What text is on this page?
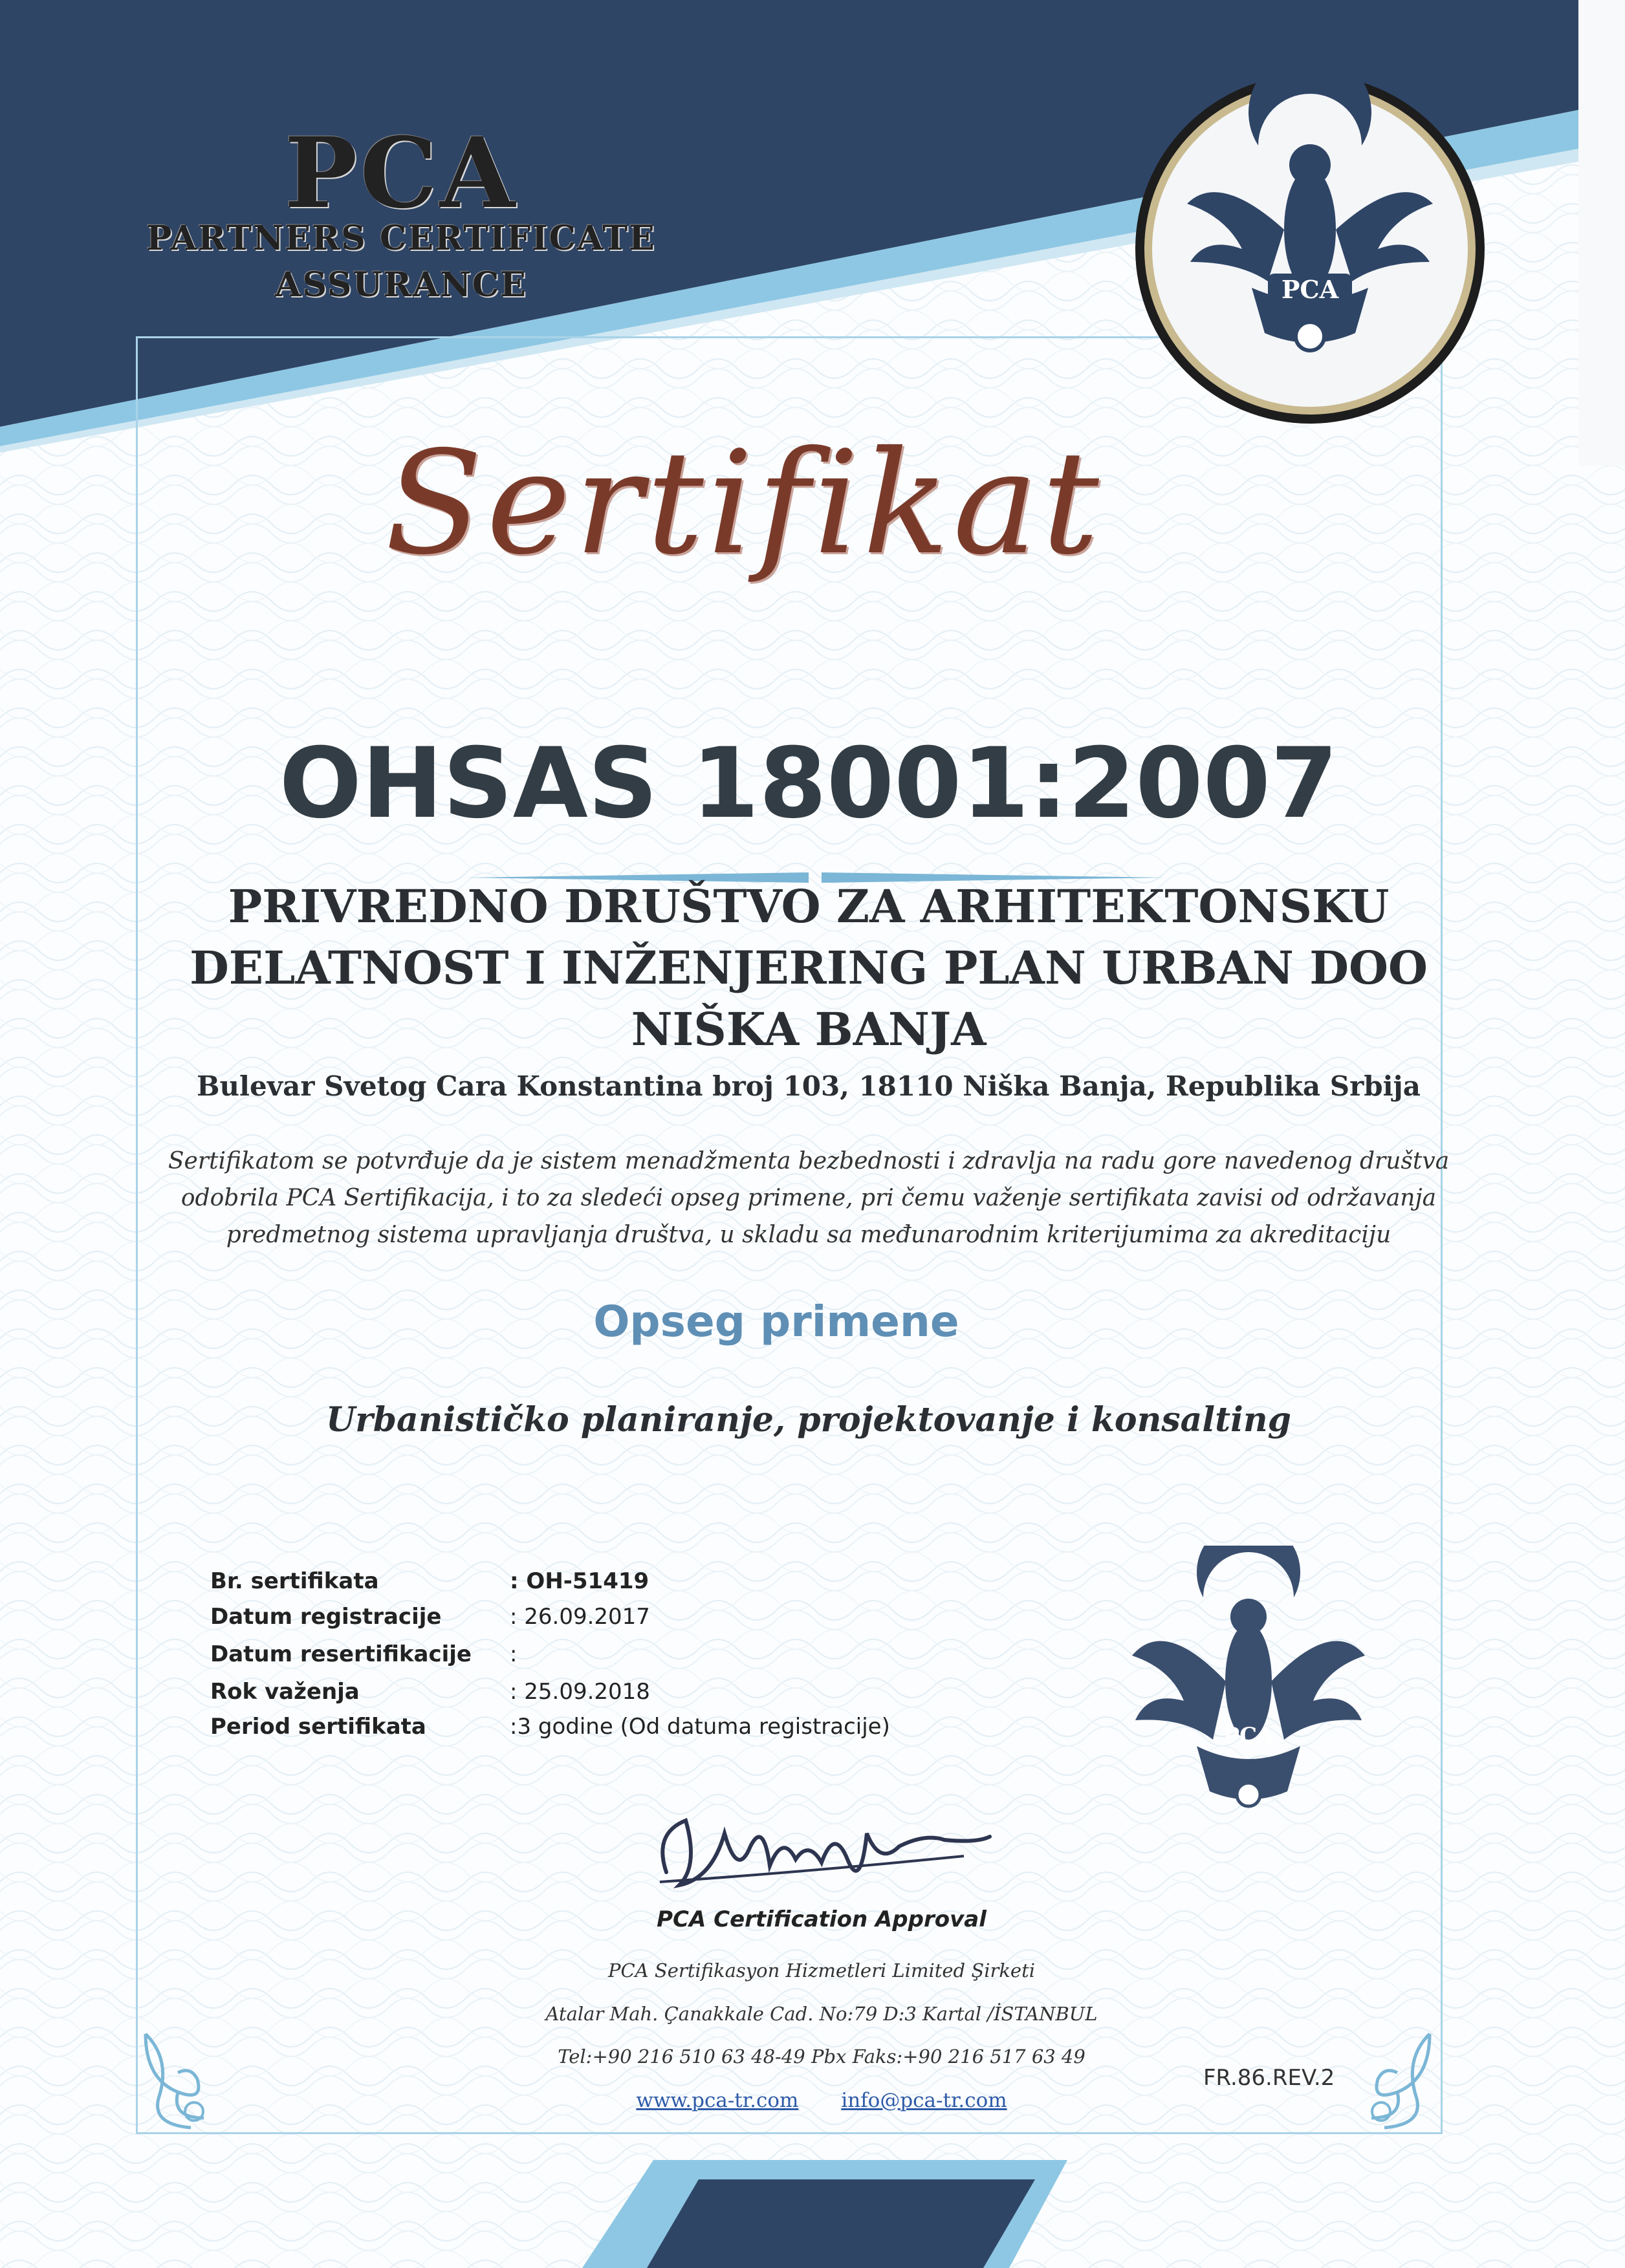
PCA
PARTNERS CERTIFICATE
ASSURANCE	PCA
Sertifikat
OHSAS 18001:2007
PRIVREDNO DRUŠTVO ZA ARHITEKTONSKU
DELATNOST I INŽENJERING PLAN URBAN DOO
NIŠKA BANJA
Bulevar Svetog Cara Konstantina broj 103, 18110 Niška Banja, Republika Srbija
Sertifikatom se potvrđuje da je sistem menadžmenta bezbednosti i zdravlja na radu gore navedenog društva
odobrila PCA Sertifikacija, i to za sledeći opseg primene, pri čemu važenje sertifikata zavisi od održavanja
predmetnog sistema upravljanja društva, u skladu sa međunarodnim kriterijumima za akreditaciju
Opseg primene
Urbanističko planiranje, projektovanje i konsalting
Br. sertifikata	: OH-51419
Datum registracije	: 26.09.2017
Datum resertifikacije :
Rok važenja	: 25.09.2018
Period sertifikata	:3 godine (Od datuma registracije)	PCA
PCA Certification Approval
PCA Sertifikasyon Hizmetleri Limited Şirketi
Atalar Mah. Çanakkale Cad. No:79 D:3 Kartal /İSTANBUL
Tel:+90 216 510 63 48-49 Pbx Faks:+90 216 517 63 49
www.pca-tr.com info@pca-tr.com
FR.86.REV.2
